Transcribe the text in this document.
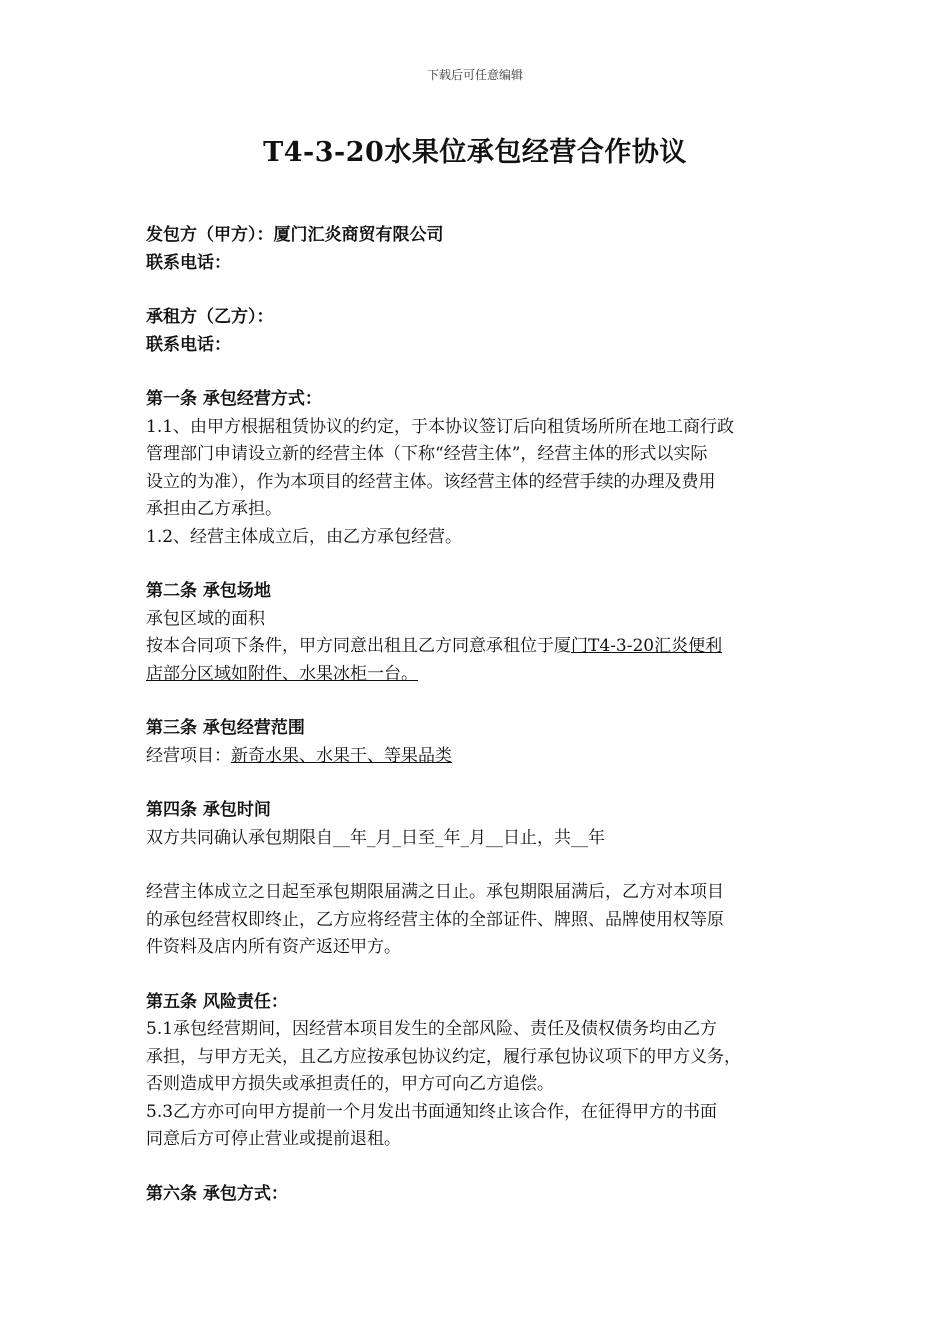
下载后可任意编辑
T4-3-20水果位承包经营合作协议
发包方（甲方）：厦门汇炎商贸有限公司
联系电话：
承租方（乙方）：
联系电话：
第一条 承包经营方式：
1.1、由甲方根据租赁协议的约定，于本协议签订后向租赁场所所在地工商行政
管理部门申请设立新的经营主体（下称“经营主体”，经营主体的形式以实际
设立的为准），作为本项目的经营主体。该经营主体的经营手续的办理及费用
承担由乙方承担。
1.2、经营主体成立后，由乙方承包经营。
第二条 承包场地
承包区域的面积
按本合同项下条件，甲方同意出租且乙方同意承租位于厦门T4-3-20汇炎便利
店部分区域如附件、水果冰柜一台。
第三条 承包经营范围
经营项目：新奇水果、水果干、等果品类
第四条 承包时间
双方共同确认承包期限自__年_月_日至_年_月__日止，共__年
经营主体成立之日起至承包期限届满之日止。承包期限届满后，乙方对本项目
的承包经营权即终止，乙方应将经营主体的全部证件、牌照、品牌使用权等原
件资料及店内所有资产返还甲方。
第五条 风险责任：
5.1承包经营期间，因经营本项目发生的全部风险、责任及债权债务均由乙方
承担，与甲方无关，且乙方应按承包协议约定，履行承包协议项下的甲方义务，
否则造成甲方损失或承担责任的，甲方可向乙方追偿。
5.3乙方亦可向甲方提前一个月发出书面通知终止该合作，在征得甲方的书面
同意后方可停止营业或提前退租。
第六条 承包方式：
